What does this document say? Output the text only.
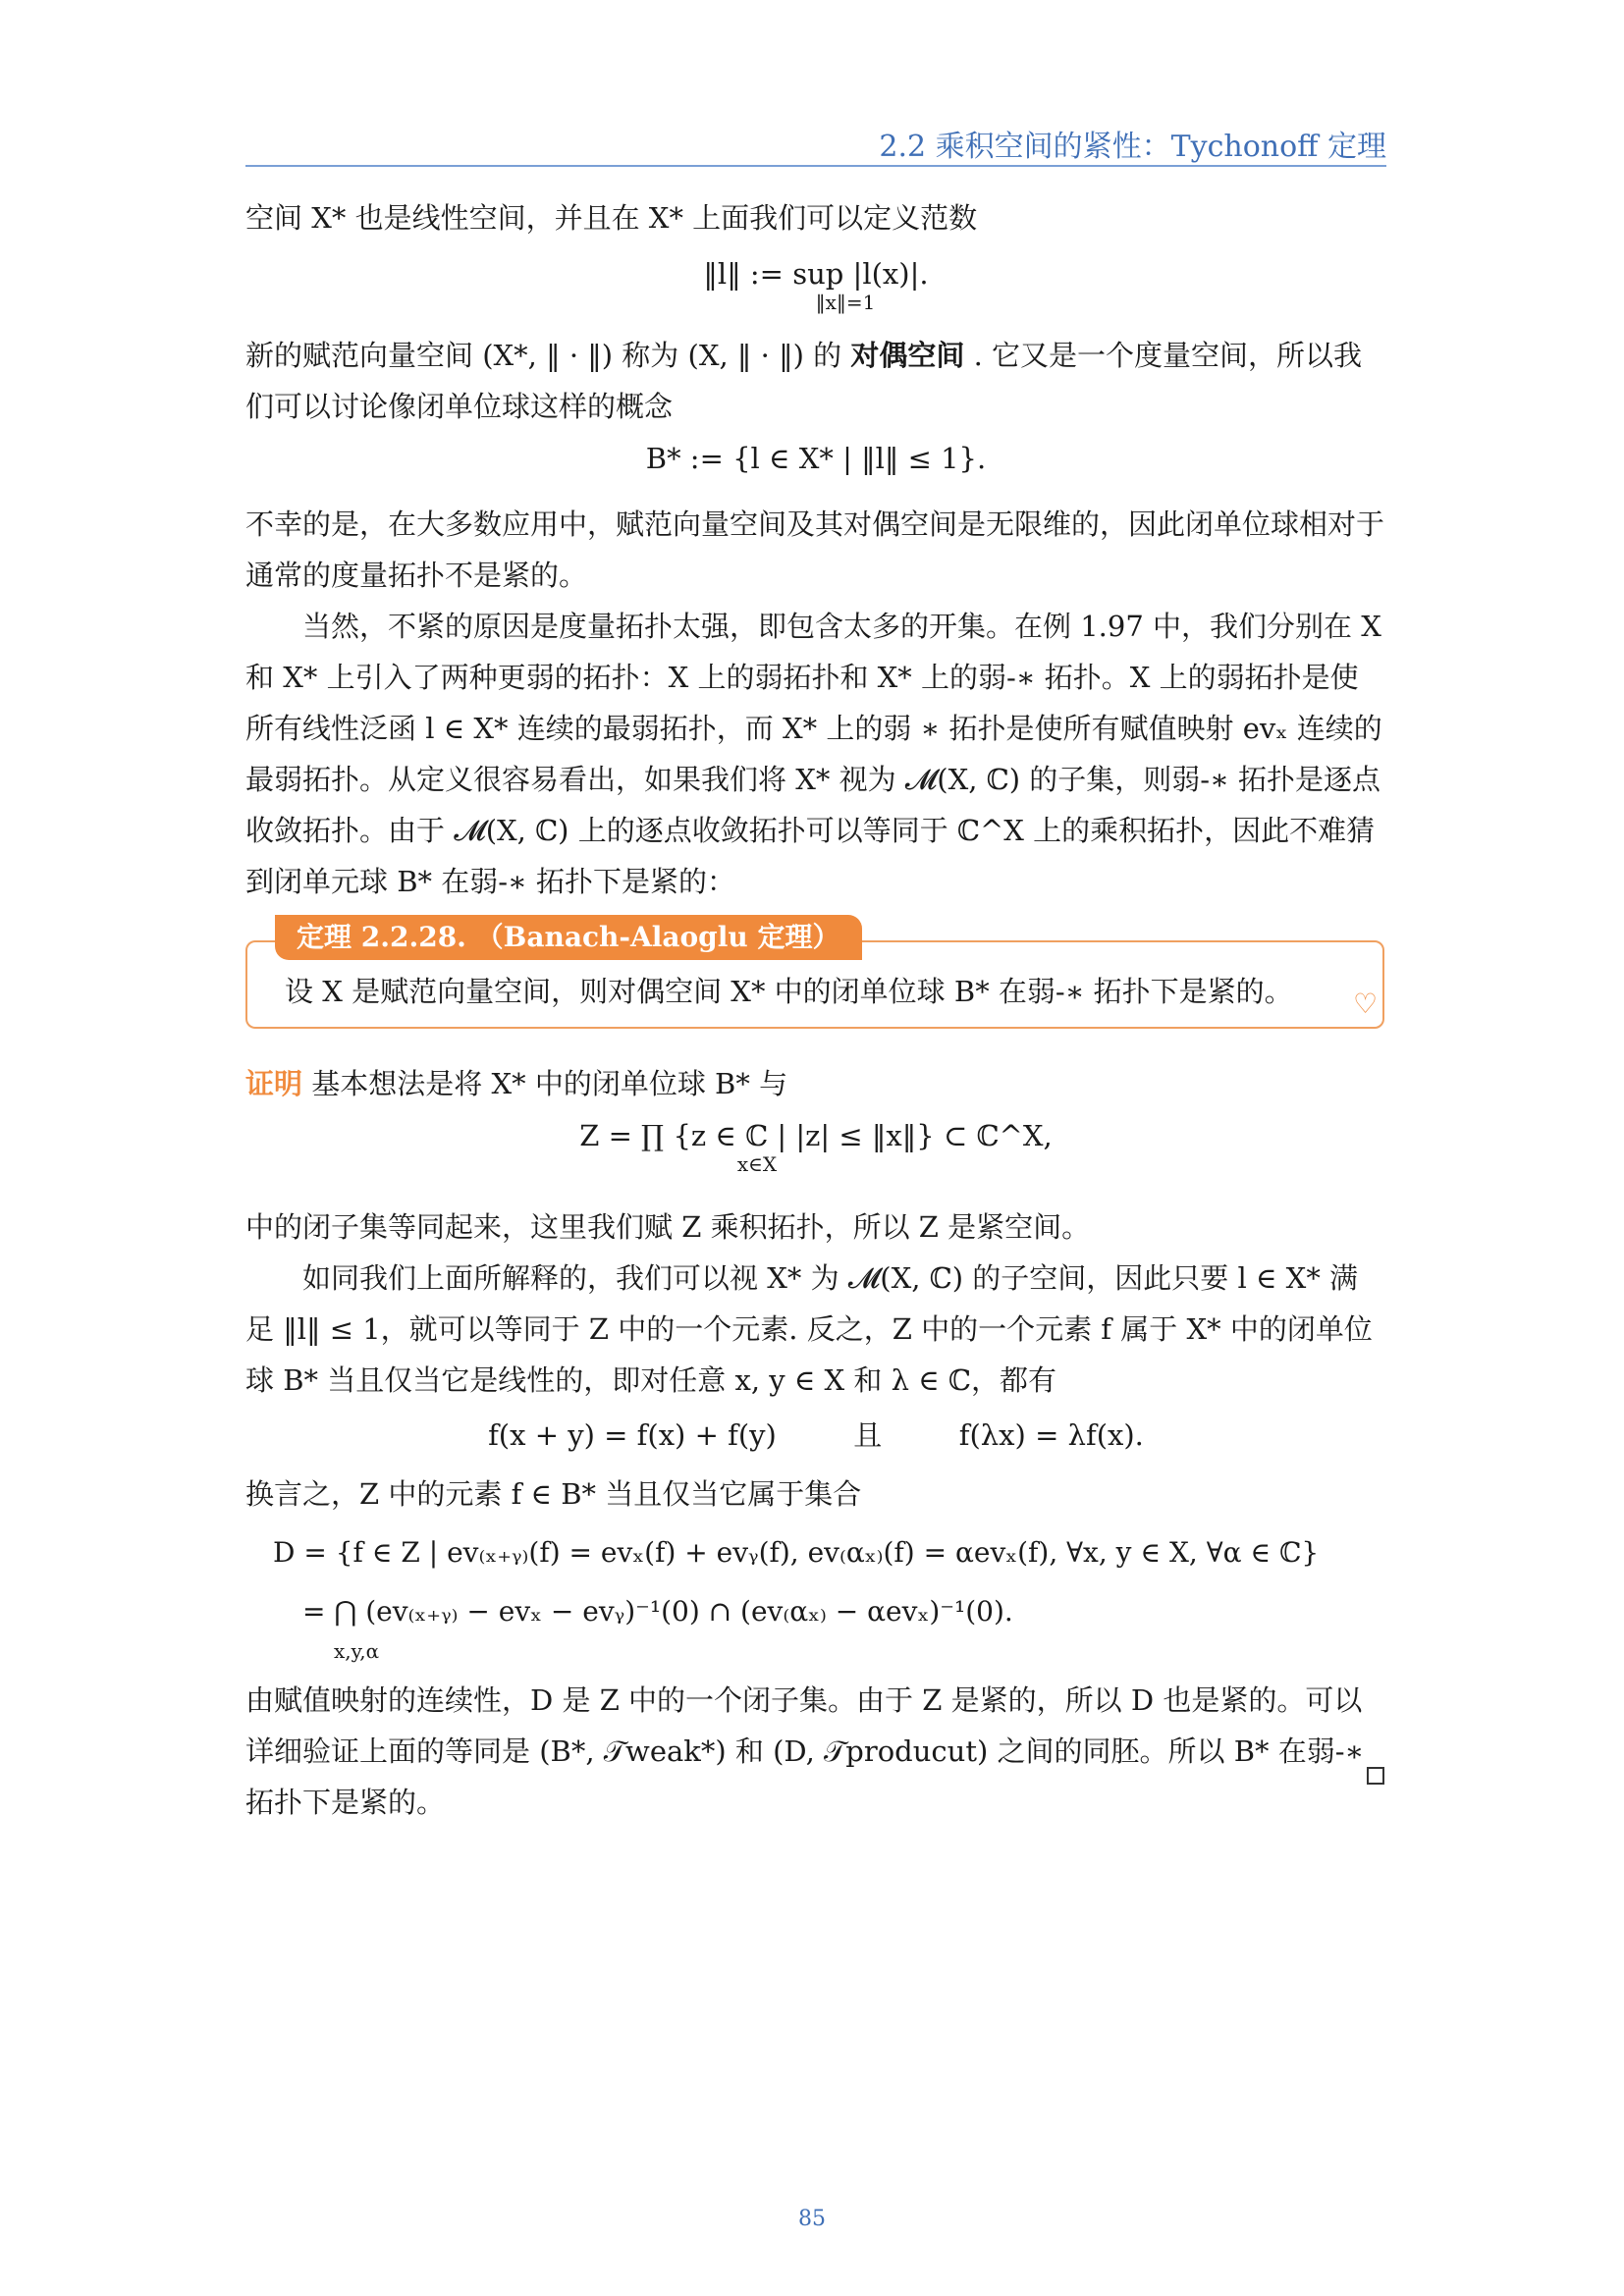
2.2 乘积空间的紧性：Tychonoff 定理
空间 X* 也是线性空间，并且在 X* 上面我们可以定义范数
‖l‖ := sup |l(x)|.
‖x‖=1
新的赋范向量空间 (X*, ‖ · ‖) 称为 (X, ‖ · ‖) 的 对偶空间 . 它又是一个度量空间，所以我们可以讨论像闭单位球这样的概念
B* := {l ∈ X* | ‖l‖ ≤ 1}.
不幸的是，在大多数应用中，赋范向量空间及其对偶空间是无限维的，因此闭单位球相对于通常的度量拓扑不是紧的。
当然，不紧的原因是度量拓扑太强，即包含太多的开集。在例 1.97 中，我们分别在 X 和 X* 上引入了两种更弱的拓扑：X 上的弱拓扑和 X* 上的弱-∗ 拓扑。X 上的弱拓扑是使所有线性泛函 l ∈ X* 连续的最弱拓扑，而 X* 上的弱 ∗ 拓扑是使所有赋值映射 evₓ 连续的最弱拓扑。从定义很容易看出，如果我们将 X* 视为 𝓜(X, ℂ) 的子集，则弱-∗ 拓扑是逐点收敛拓扑。由于 𝓜(X, ℂ) 上的逐点收敛拓扑可以等同于 ℂ^X 上的乘积拓扑，因此不难猜到闭单元球 B* 在弱-∗ 拓扑下是紧的：
定理 2.2.28. （Banach-Alaoglu 定理）
设 X 是赋范向量空间，则对偶空间 X* 中的闭单位球 B* 在弱-∗ 拓扑下是紧的。 ♡
证明 基本想法是将 X* 中的闭单位球 B* 与
Z = ∏ {z ∈ ℂ | |z| ≤ ‖x‖} ⊂ ℂ^X,
x∈X
中的闭子集等同起来，这里我们赋 Z 乘积拓扑，所以 Z 是紧空间。
如同我们上面所解释的，我们可以视 X* 为 𝓜(X, ℂ) 的子空间，因此只要 l ∈ X* 满足 ‖l‖ ≤ 1，就可以等同于 Z 中的一个元素. 反之，Z 中的一个元素 f 属于 X* 中的闭单位球 B* 当且仅当它是线性的，即对任意 x, y ∈ X 和 λ ∈ ℂ，都有
f(x + y) = f(x) + f(y)	且	f(λx) = λf(x).
换言之，Z 中的元素 f ∈ B* 当且仅当它属于集合
D = {f ∈ Z | ev₍ₓ₊ᵧ₎(f) = evₓ(f) + evᵧ(f), ev₍αₓ₎(f) = αevₓ(f), ∀x, y ∈ X, ∀α ∈ ℂ}
= ⋂ (ev₍ₓ₊ᵧ₎ − evₓ − evᵧ)⁻¹(0) ∩ (ev₍αₓ₎ − αevₓ)⁻¹(0).
x,y,α
由赋值映射的连续性，D 是 Z 中的一个闭子集。由于 Z 是紧的，所以 D 也是紧的。可以详细验证上面的等同是 (B*, 𝒯weak*) 和 (D, 𝒯producut) 之间的同胚。所以 B* 在弱-∗ 拓扑下是紧的。
85
